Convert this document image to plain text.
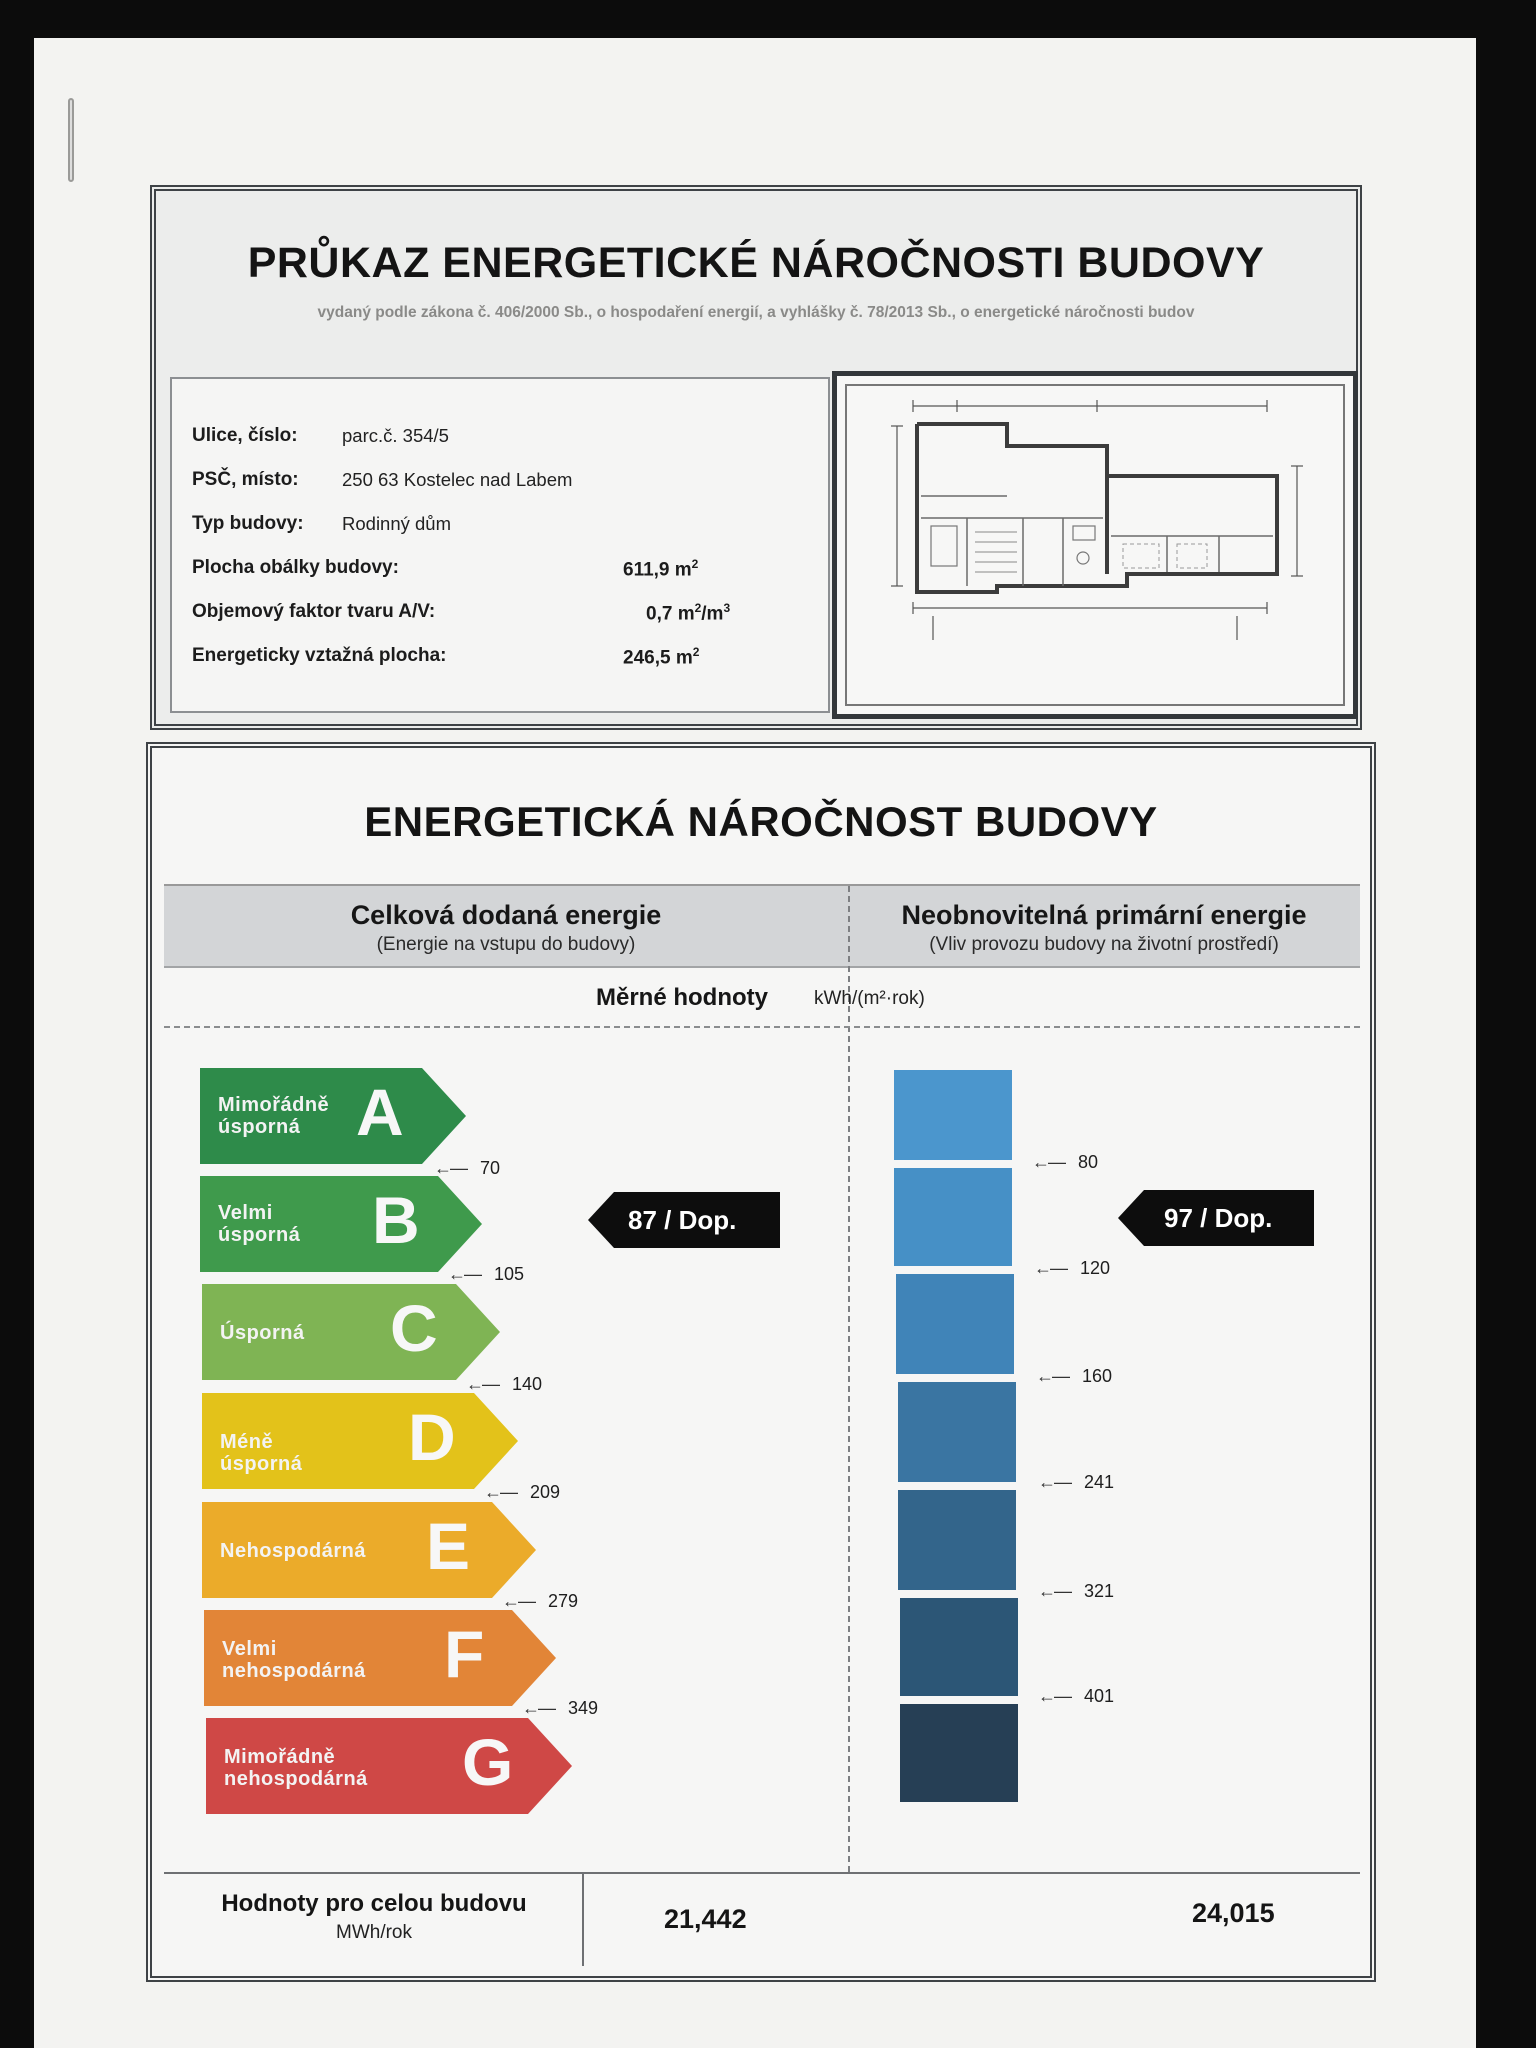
PRŮKAZ ENERGETICKÉ NÁROČNOSTI BUDOVY
vydaný podle zákona č. 406/2000 Sb., o hospodaření energií, a vyhlášky č. 78/2013 Sb., o energetické náročnosti budov
Ulice, číslo: parc.č. 354/5
PSČ, místo: 250 63 Kostelec nad Labem
Typ budovy: Rodinný dům
Plocha obálky budovy:	611,9 $m^2$
Objemový faktor tvaru A/V:	0,7 $m^2/m^3$
Energeticky vztažná plocha:	246,5 $m^2$
ENERGETICKÁ NÁROČNOST BUDOVY
Celková dodaná energie
(Energie na vstupu do budovy)
Neobnovitelná primární energie
(Vliv provozu budovy na životní prostředí)
Měrné hodnoty kWh/(m²·rok)
Mimořádně
úsporná A
←— 70
Velmi
úsporná B
←— 105
Úsporná C
←— 140
Méně úsporná D
←— 209
Nehospodárná E
←— 279
Velmi
nehospodárná F
←— 349
Mimořádně
nehospodárná G
87 / Dop.
←— 80
←— 120
←— 160
←— 241
←— 321
←— 401
97 / Dop.
Hodnoty pro celou budovu
MWh/rok	21,442	24,015
